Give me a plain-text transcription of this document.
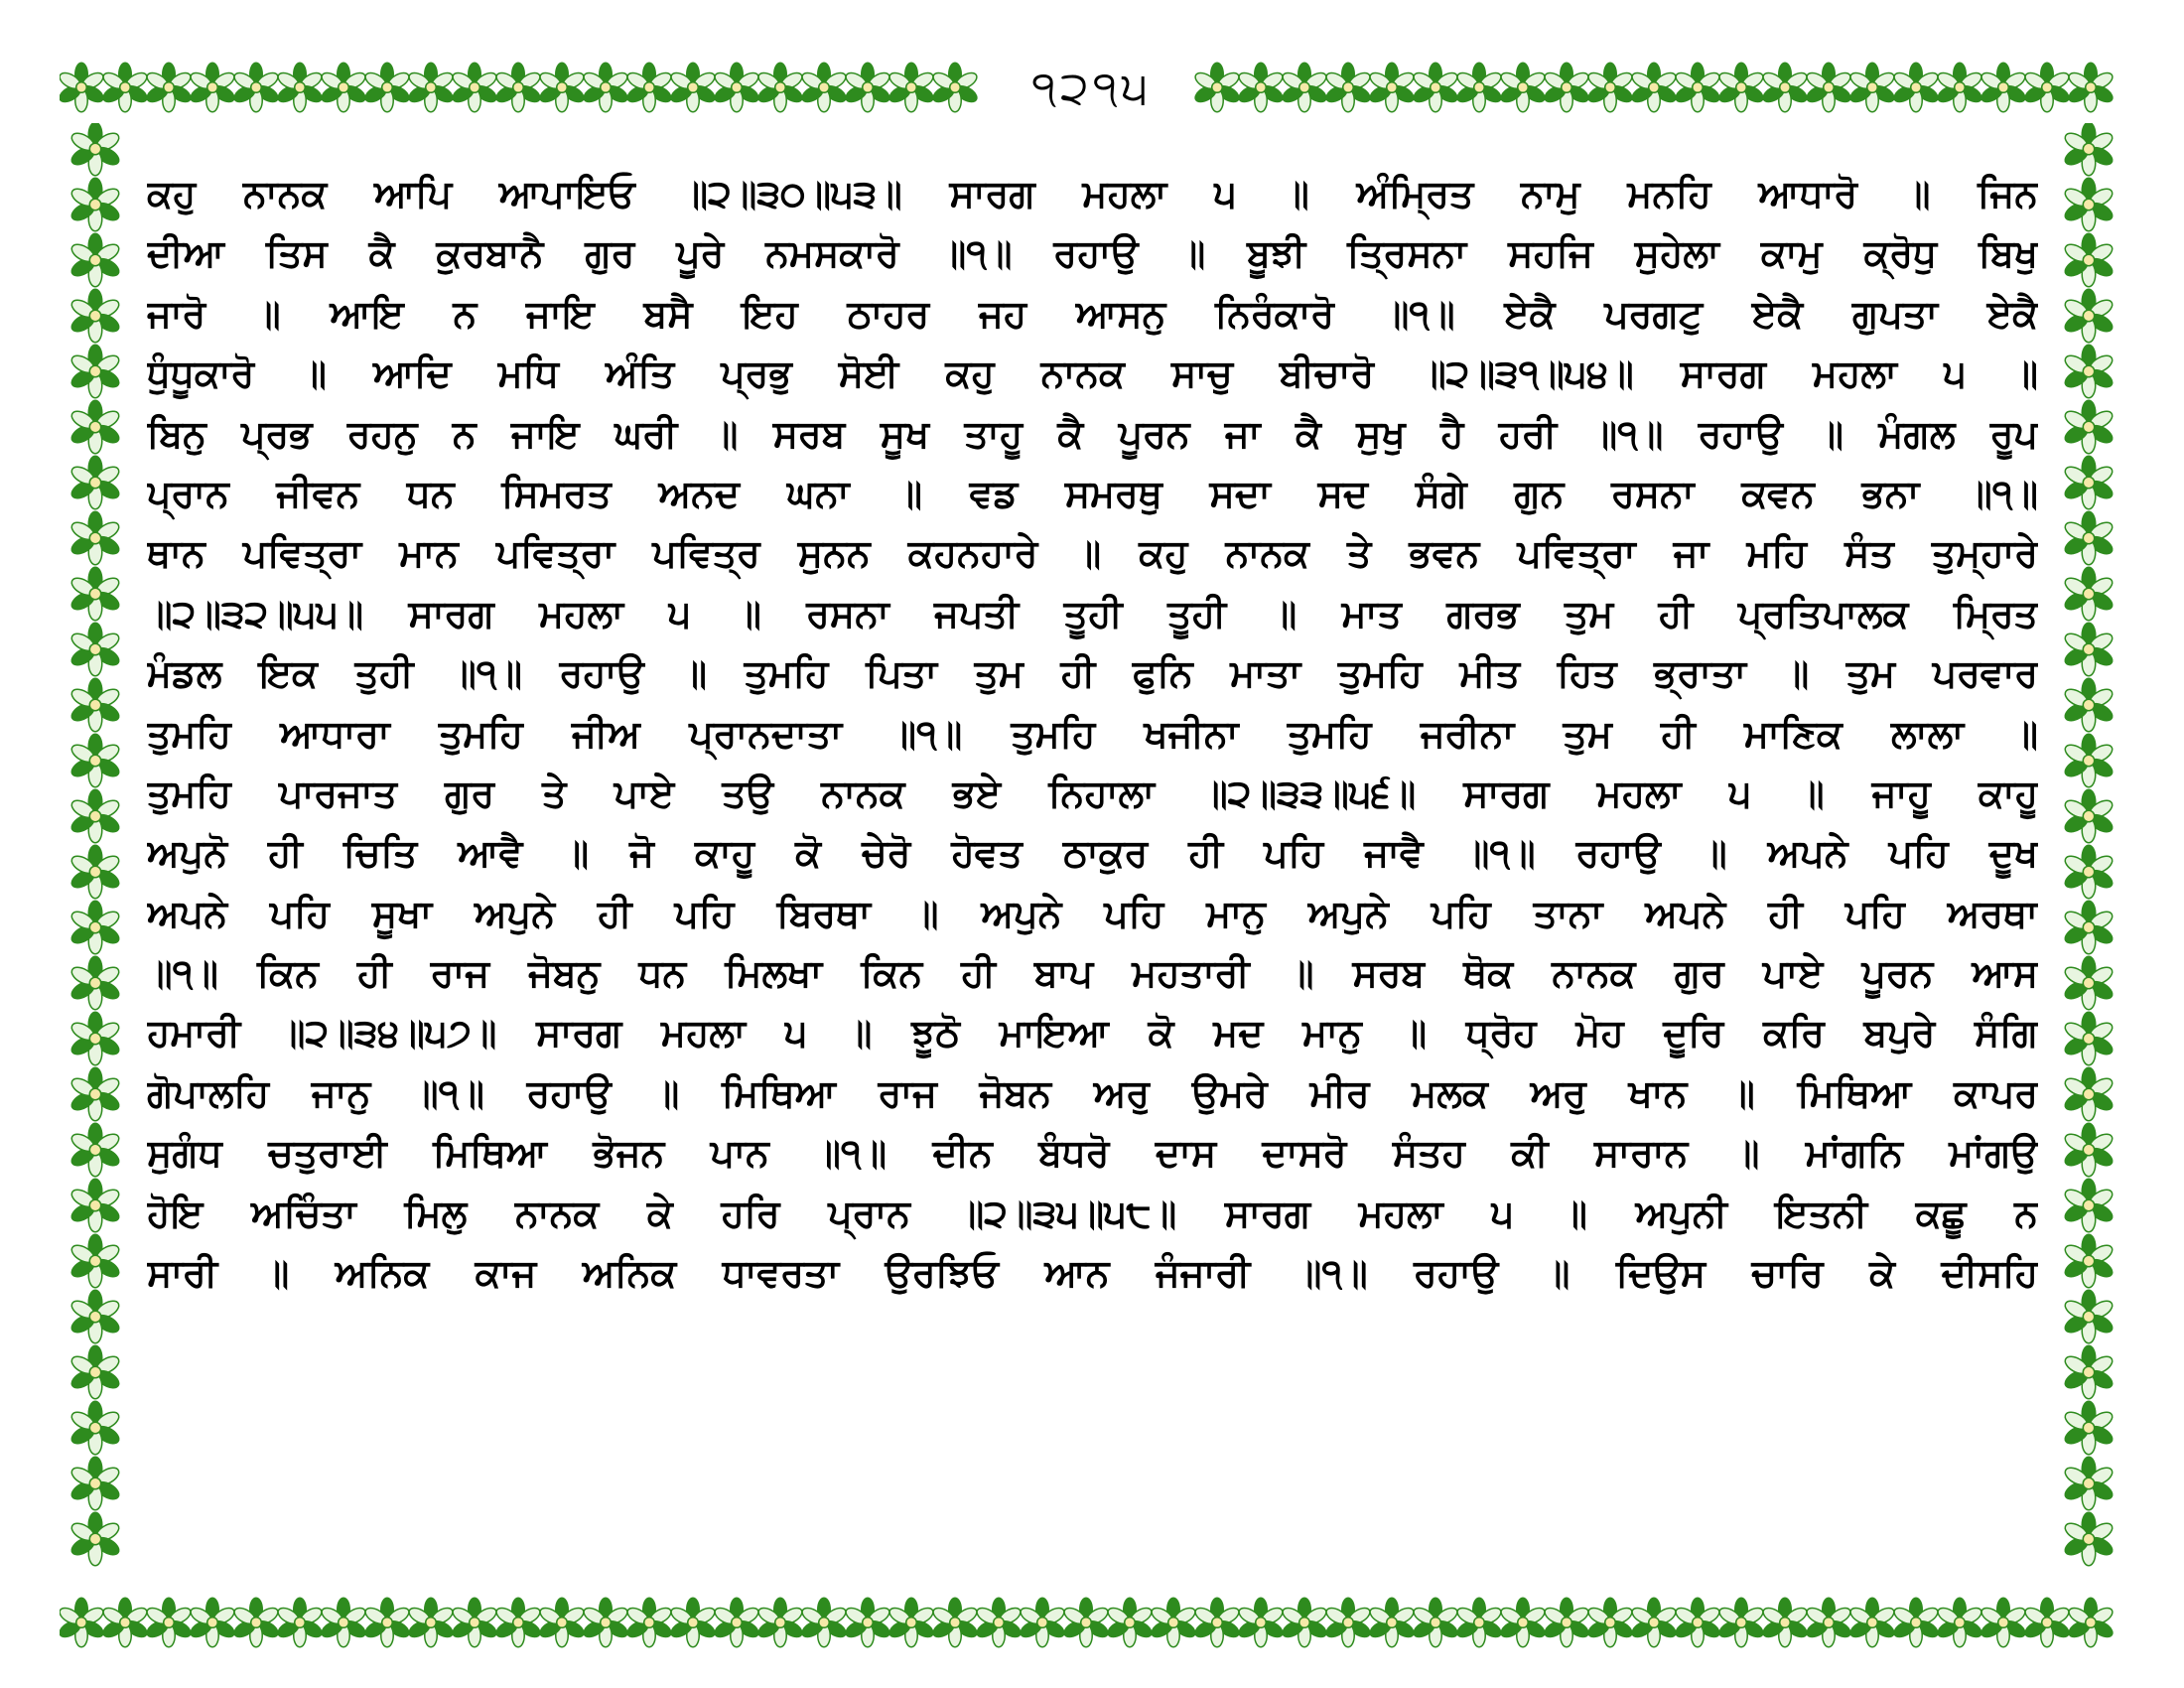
੧੨੧੫
ਕਹੁ ਨਾਨਕ ਆਪਿ ਆਪਾਇਓ ॥੨॥੩੦॥੫੩॥ ਸਾਰਗ ਮਹਲਾ ੫ ॥ ਅੰਮ੍ਰਿਤ ਨਾਮੁ ਮਨਹਿ ਆਧਾਰੋ ॥ ਜਿਨ
ਦੀਆ ਤਿਸ ਕੈ ਕੁਰਬਾਨੈ ਗੁਰ ਪੂਰੇ ਨਮਸਕਾਰੋ ॥੧॥ ਰਹਾਉ ॥ ਬੂਝੀ ਤ੍ਰਿਸਨਾ ਸਹਜਿ ਸੁਹੇਲਾ ਕਾਮੁ ਕ੍ਰੋਧੁ ਬਿਖੁ
ਜਾਰੋ ॥ ਆਇ ਨ ਜਾਇ ਬਸੈ ਇਹ ਠਾਹਰ ਜਹ ਆਸਨੁ ਨਿਰੰਕਾਰੋ ॥੧॥ ਏਕੈ ਪਰਗਟੁ ਏਕੈ ਗੁਪਤਾ ਏਕੈ
ਧੁੰਧੂਕਾਰੋ ॥ ਆਦਿ ਮਧਿ ਅੰਤਿ ਪ੍ਰਭੁ ਸੋਈ ਕਹੁ ਨਾਨਕ ਸਾਚੁ ਬੀਚਾਰੋ ॥੨॥੩੧॥੫੪॥ ਸਾਰਗ ਮਹਲਾ ੫ ॥
ਬਿਨੁ ਪ੍ਰਭ ਰਹਨੁ ਨ ਜਾਇ ਘਰੀ ॥ ਸਰਬ ਸੂਖ ਤਾਹੂ ਕੈ ਪੂਰਨ ਜਾ ਕੈ ਸੁਖੁ ਹੈ ਹਰੀ ॥੧॥ ਰਹਾਉ ॥ ਮੰਗਲ ਰੂਪ
ਪ੍ਰਾਨ ਜੀਵਨ ਧਨ ਸਿਮਰਤ ਅਨਦ ਘਨਾ ॥ ਵਡ ਸਮਰਥੁ ਸਦਾ ਸਦ ਸੰਗੇ ਗੁਨ ਰਸਨਾ ਕਵਨ ਭਨਾ ॥੧॥
ਥਾਨ ਪਵਿਤ੍ਰਾ ਮਾਨ ਪਵਿਤ੍ਰਾ ਪਵਿਤ੍ਰ ਸੁਨਨ ਕਹਨਹਾਰੇ ॥ ਕਹੁ ਨਾਨਕ ਤੇ ਭਵਨ ਪਵਿਤ੍ਰਾ ਜਾ ਮਹਿ ਸੰਤ ਤੁਮ੍ਹਾਰੇ
॥੨॥੩੨॥੫੫॥ ਸਾਰਗ ਮਹਲਾ ੫ ॥ ਰਸਨਾ ਜਪਤੀ ਤੂਹੀ ਤੂਹੀ ॥ ਮਾਤ ਗਰਭ ਤੁਮ ਹੀ ਪ੍ਰਤਿਪਾਲਕ ਮ੍ਰਿਤ
ਮੰਡਲ ਇਕ ਤੁਹੀ ॥੧॥ ਰਹਾਉ ॥ ਤੁਮਹਿ ਪਿਤਾ ਤੁਮ ਹੀ ਫੁਨਿ ਮਾਤਾ ਤੁਮਹਿ ਮੀਤ ਹਿਤ ਭ੍ਰਾਤਾ ॥ ਤੁਮ ਪਰਵਾਰ
ਤੁਮਹਿ ਆਧਾਰਾ ਤੁਮਹਿ ਜੀਅ ਪ੍ਰਾਨਦਾਤਾ ॥੧॥ ਤੁਮਹਿ ਖਜੀਨਾ ਤੁਮਹਿ ਜਰੀਨਾ ਤੁਮ ਹੀ ਮਾਣਿਕ ਲਾਲਾ ॥
ਤੁਮਹਿ ਪਾਰਜਾਤ ਗੁਰ ਤੇ ਪਾਏ ਤਉ ਨਾਨਕ ਭਏ ਨਿਹਾਲਾ ॥੨॥੩੩॥੫੬॥ ਸਾਰਗ ਮਹਲਾ ੫ ॥ ਜਾਹੂ ਕਾਹੂ
ਅਪੁਨੋ ਹੀ ਚਿਤਿ ਆਵੈ ॥ ਜੋ ਕਾਹੂ ਕੋ ਚੇਰੋ ਹੋਵਤ ਠਾਕੁਰ ਹੀ ਪਹਿ ਜਾਵੈ ॥੧॥ ਰਹਾਉ ॥ ਅਪਨੇ ਪਹਿ ਦੂਖ
ਅਪਨੇ ਪਹਿ ਸੂਖਾ ਅਪੁਨੇ ਹੀ ਪਹਿ ਬਿਰਥਾ ॥ ਅਪੁਨੇ ਪਹਿ ਮਾਨੁ ਅਪੁਨੇ ਪਹਿ ਤਾਨਾ ਅਪਨੇ ਹੀ ਪਹਿ ਅਰਥਾ
॥੧॥ ਕਿਨ ਹੀ ਰਾਜ ਜੋਬਨੁ ਧਨ ਮਿਲਖਾ ਕਿਨ ਹੀ ਬਾਪ ਮਹਤਾਰੀ ॥ ਸਰਬ ਥੋਕ ਨਾਨਕ ਗੁਰ ਪਾਏ ਪੂਰਨ ਆਸ
ਹਮਾਰੀ ॥੨॥੩੪॥੫੭॥ ਸਾਰਗ ਮਹਲਾ ੫ ॥ ਝੂਠੋ ਮਾਇਆ ਕੋ ਮਦ ਮਾਨੁ ॥ ਧ੍ਰੋਹ ਮੋਹ ਦੂਰਿ ਕਰਿ ਬਪੁਰੇ ਸੰਗਿ
ਗੋਪਾਲਹਿ ਜਾਨੁ ॥੧॥ ਰਹਾਉ ॥ ਮਿਥਿਆ ਰਾਜ ਜੋਬਨ ਅਰੁ ਉਮਰੇ ਮੀਰ ਮਲਕ ਅਰੁ ਖਾਨ ॥ ਮਿਥਿਆ ਕਾਪਰ
ਸੁਗੰਧ ਚਤੁਰਾਈ ਮਿਥਿਆ ਭੋਜਨ ਪਾਨ ॥੧॥ ਦੀਨ ਬੰਧਰੋ ਦਾਸ ਦਾਸਰੋ ਸੰਤਹ ਕੀ ਸਾਰਾਨ ॥ ਮਾਂਗਨਿ ਮਾਂਗਉ
ਹੋਇ ਅਚਿੰਤਾ ਮਿਲੁ ਨਾਨਕ ਕੇ ਹਰਿ ਪ੍ਰਾਨ ॥੨॥੩੫॥੫੮॥ ਸਾਰਗ ਮਹਲਾ ੫ ॥ ਅਪੁਨੀ ਇਤਨੀ ਕਛੂ ਨ
ਸਾਰੀ ॥ ਅਨਿਕ ਕਾਜ ਅਨਿਕ ਧਾਵਰਤਾ ਉਰਝਿਓ ਆਨ ਜੰਜਾਰੀ ॥੧॥ ਰਹਾਉ ॥ ਦਿਉਸ ਚਾਰਿ ਕੇ ਦੀਸਹਿ
